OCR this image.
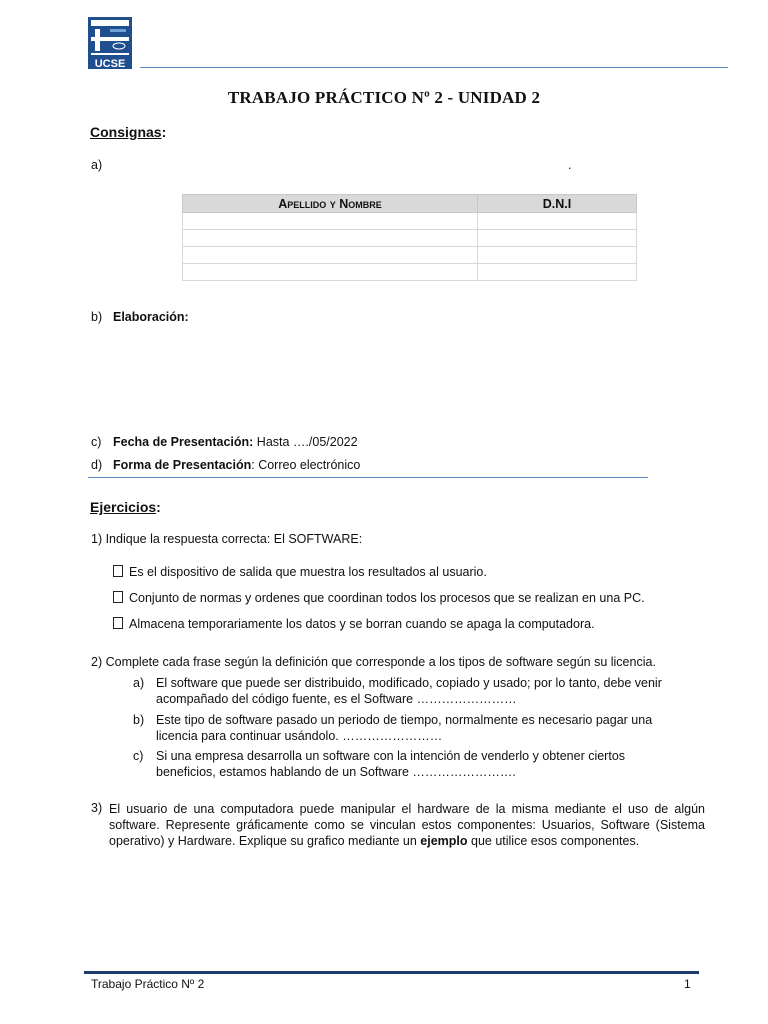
UCSE
TRABAJO PRÁCTICO Nº 2 - UNIDAD 2
Consignas:
a)	.
Apellido y Nombre	D.N.I

b) Elaboración:
c) Fecha de Presentación: Hasta …./05/2022
d) Forma de Presentación: Correo electrónico
Ejercicios:
1) Indique la respuesta correcta: El SOFTWARE:
Es el dispositivo de salida que muestra los resultados al usuario.
Conjunto de normas y ordenes que coordinan todos los procesos que se realizan en una PC.
Almacena temporariamente los datos y se borran cuando se apaga la computadora.
2) Complete cada frase según la definición que corresponde a los tipos de software según su licencia.
a) El software que puede ser distribuido, modificado, copiado y usado; por lo tanto, debe venir
acompañado del código fuente, es el Software ……………………
b) Este tipo de software pasado un periodo de tiempo, normalmente es necesario pagar una
licencia para continuar usándolo. ……………………
c) Si una empresa desarrolla un software con la intención de venderlo y obtener ciertos
beneficios, estamos hablando de un Software …………………….
3) El usuario de una computadora puede manipular el hardware de la misma mediante el uso de algún software. Represente gráficamente como se vinculan estos componentes: Usuarios, Software (Sistema operativo) y Hardware. Explique su grafico mediante un ejemplo que utilice esos componentes.
Trabajo Práctico Nº 2	1
